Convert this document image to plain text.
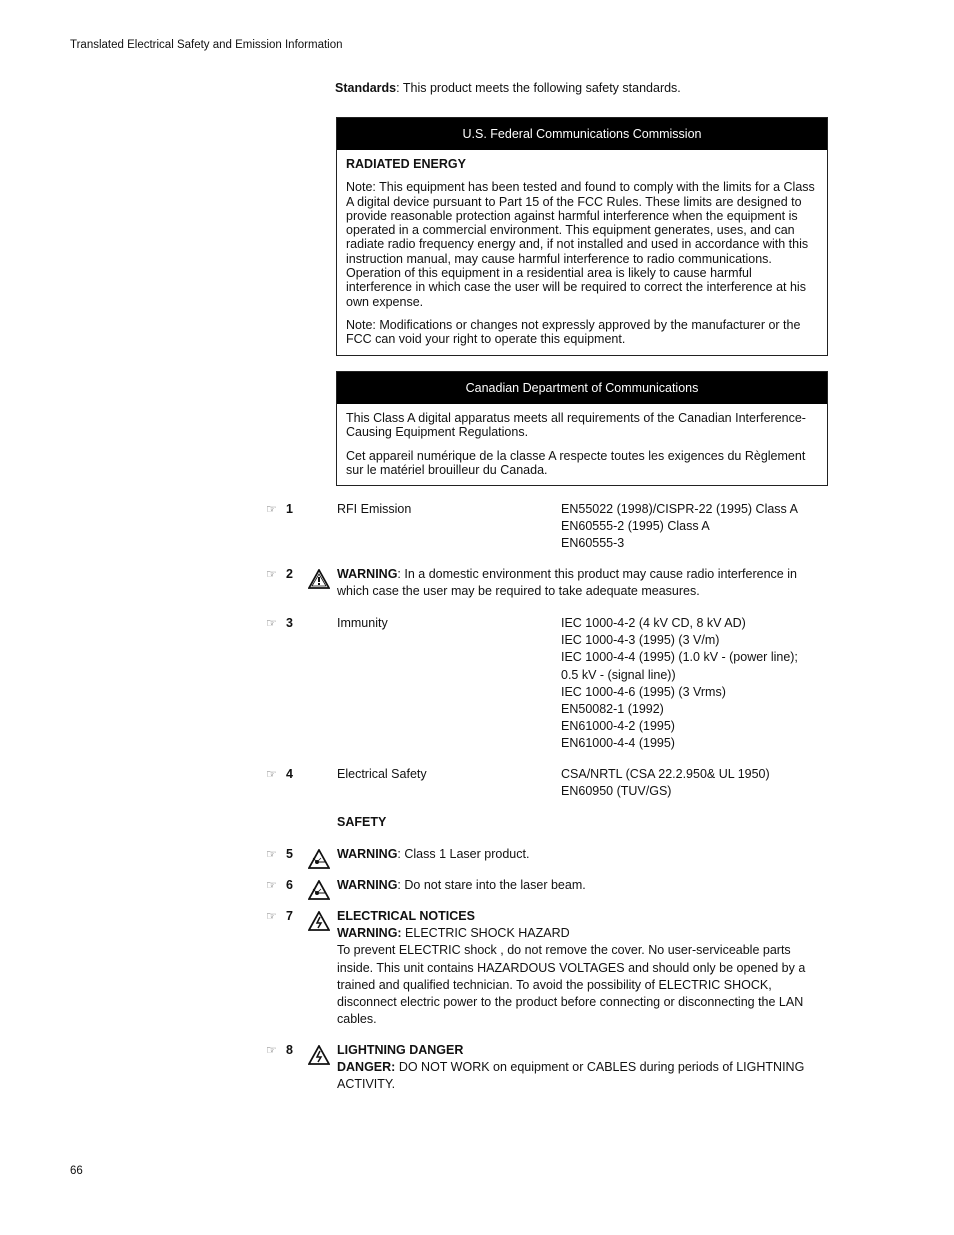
Translated Electrical Safety and Emission Information
Standards: This product meets the following safety standards.
U.S. Federal Communications Commission

RADIATED ENERGY

Note: This equipment has been tested and found to comply with the limits for a Class A digital device pursuant to Part 15 of the FCC Rules. These limits are designed to provide reasonable protection against harmful interference when the equipment is operated in a commercial environment. This equipment generates, uses, and can radiate radio frequency energy and, if not installed and used in accordance with this instruction manual, may cause harmful interference to radio communications. Operation of this equipment in a residential area is likely to cause harmful interference in which case the user will be required to correct the interference at his own expense.

Note: Modifications or changes not expressly approved by the manufacturer or the FCC can void your right to operate this equipment.

Canadian Department of Communications

This Class A digital apparatus meets all requirements of the Canadian Interference-Causing Equipment Regulations.

Cet appareil numérique de la classe A respecte toutes les exigences du Règlement sur le matériel brouilleur du Canada.

☞ 1	RFI Emission	EN55022 (1998)/CISPR-22 (1995) Class A
EN60555-2 (1995) Class A
EN60555-3
☞ 2	WARNING: In a domestic environment this product may cause radio interference in which case the user may be required to take adequate measures.
☞ 3	Immunity	IEC 1000-4-2 (4 kV CD, 8 kV AD)
IEC 1000-4-3 (1995) (3 V/m)
IEC 1000-4-4 (1995) (1.0 kV - (power line);
0.5 kV - (signal line))
IEC 1000-4-6 (1995) (3 Vrms)
EN50082-1 (1992)
EN61000-4-2 (1995)
EN61000-4-4 (1995)
☞ 4	Electrical Safety	CSA/NRTL (CSA 22.2.950& UL 1950)
EN60950 (TUV/GS)
SAFETY
☞ 5	WARNING: Class 1 Laser product.
☞ 6	WARNING: Do not stare into the laser beam.
☞ 7	ELECTRICAL NOTICES
WARNING: ELECTRIC SHOCK HAZARD
To prevent ELECTRIC shock , do not remove the cover. No user-serviceable parts inside. This unit contains HAZARDOUS VOLTAGES and should only be opened by a trained and qualified technician. To avoid the possibility of ELECTRIC SHOCK, disconnect electric power to the product before connecting or disconnecting the LAN cables.
☞ 8	LIGHTNING DANGER
DANGER: DO NOT WORK on equipment or CABLES during periods of LIGHTNING ACTIVITY.
66
